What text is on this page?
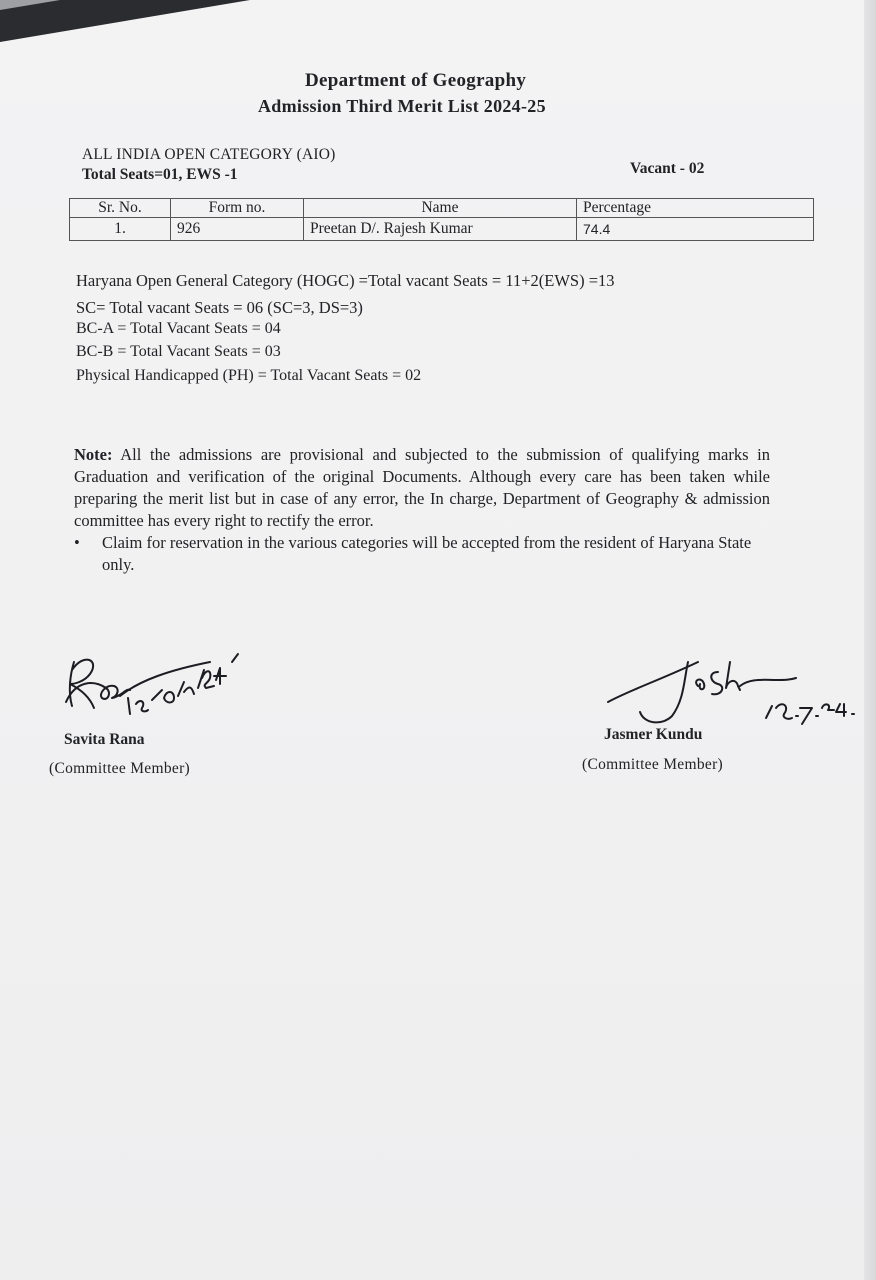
Department of Geography
Admission Third Merit List 2024-25
ALL INDIA OPEN CATEGORY (AIO)
Total Seats=01, EWS -1	Vacant - 02
Sr. No.	Form no.	Name	Percentage
1.	926	Preetan D/. Rajesh Kumar	74.4
Haryana Open General Category (HOGC) =Total vacant Seats = 11+2(EWS) =13
SC= Total vacant Seats = 06 (SC=3, DS=3)
BC-A = Total Vacant Seats = 04
BC-B = Total Vacant Seats = 03
Physical Handicapped (PH) = Total Vacant Seats = 02
Note: All the admissions are provisional and subjected to the submission of qualifying marks in Graduation and verification of the original Documents. Although every care has been taken while preparing the merit list but in case of any error, the In charge, Department of Geography & admission committee has every right to rectify the error.
• Claim for reservation in the various categories will be accepted from the resident of Haryana State only.
Savita Rana
(Committee Member)
Jasmer Kundu
(Committee Member)
